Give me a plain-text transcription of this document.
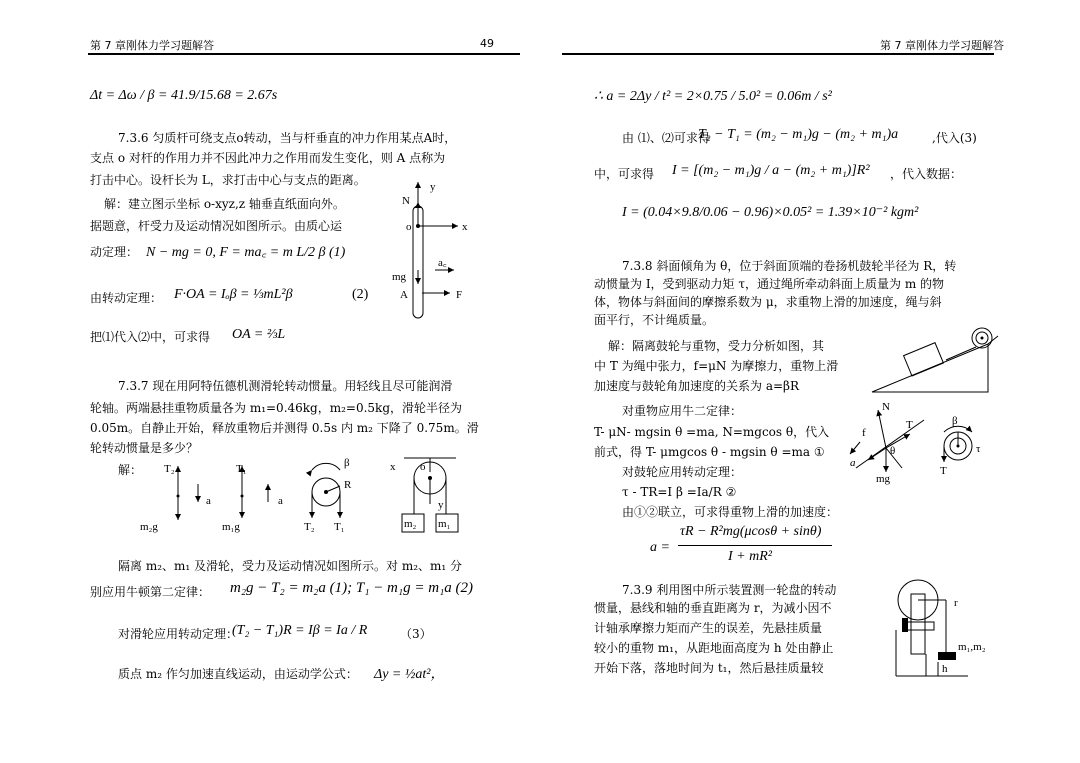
第 7 章刚体力学习题解答	49	第 7 章刚体力学习题解答
Δt = Δω / β = 41.9/15.68 = 2.67s
7.3.6 匀质杆可绕支点o转动，当与杆垂直的冲力作用某点A时，
支点 o 对杆的作用力并不因此冲力之作用而发生变化，则 A 点称为
打击中心。设杆长为 L，求打击中心与支点的距离。
解：建立图示坐标 o-xyz,z 轴垂直纸面向外。
据题意，杆受力及运动情况如图所示。由质心运
动定理： N − mg = 0, F = ma꜀ = m L/2 β (1)
由转动定理： F·OA = Iₒβ = ⅓mL²β	(2)
把⑴代入⑵中，可求得 OA = ⅔L
y
N
o	x
a꜀
mg
A	F
7.3.7 现在用阿特伍德机测滑轮转动惯量。用轻线且尽可能润滑
轮轴。两端悬挂重物质量各为 m₁=0.46kg，m₂=0.5kg，滑轮半径为
0.05m。自静止开始，释放重物后并测得 0.5s 内 m₂ 下降了 0.75m。滑
轮转动惯量是多少？
解： T₂
a
m₂g
T₁
a
m₁g
β
R
T₂ T₁
x o
y
m₂ m₁
隔离 m₂、m₁ 及滑轮，受力及运动情况如图所示。对 m₂、m₁ 分
别应用牛顿第二定律： m₂g − T₂ = m₂a (1); T₁ − m₁g = m₁a (2)
对滑轮应用转动定理：
(T₂ − T₁)R = Iβ = Ia / R	（3）
质点 m₂ 作匀加速直线运动，由运动学公式： Δy = ½at²，
∴ a = 2Δy / t² = 2×0.75 / 5.0² = 0.06m / s²
由 ⑴、⑵可求得
T₂ − T₁ = (m₂ − m₁)g − (m₂ + m₁)a	,代入(3)
中，可求得 I = [(m₂ − m₁)g / a − (m₂ + m₁)]R² ，代入数据：
I = (0.04×9.8/0.06 − 0.96)×0.05² = 1.39×10⁻² kgm²
7.3.8 斜面倾角为 θ，位于斜面顶端的卷扬机鼓轮半径为 R，转
动惯量为 I，受到驱动力矩 τ，通过绳所牵动斜面上质量为 m 的物
体，物体与斜面间的摩擦系数为 μ，求重物上滑的加速度，绳与斜
面平行，不计绳质量。
解：隔离鼓轮与重物，受力分析如图，其
中 T 为绳中张力，f=μN 为摩擦力，重物上滑
加速度与鼓轮角加速度的关系为 a=βR
对重物应用牛二定律：
T- μN- mgsin θ =ma, N=mgcos θ，代入
前式，得 T- μmgcos θ - mgsin θ =ma ①
对鼓轮应用转动定理：
τ - TR=I β =Ia/R ②
由①②联立，可求得重物上滑的加速度：
a =
τR − R²mg(μcosθ + sinθ)
I + mR²
N
f
T
θ
a
mg
β
τ
T
7.3.9 利用图中所示装置测一轮盘的转动
惯量，悬线和轴的垂直距离为 r，为减小因不
计轴承摩擦力矩而产生的误差，先悬挂质量
较小的重物 m₁，从距地面高度为 h 处由静止
开始下落，落地时间为 t₁，然后悬挂质量较
r
m₁,m₂
h
